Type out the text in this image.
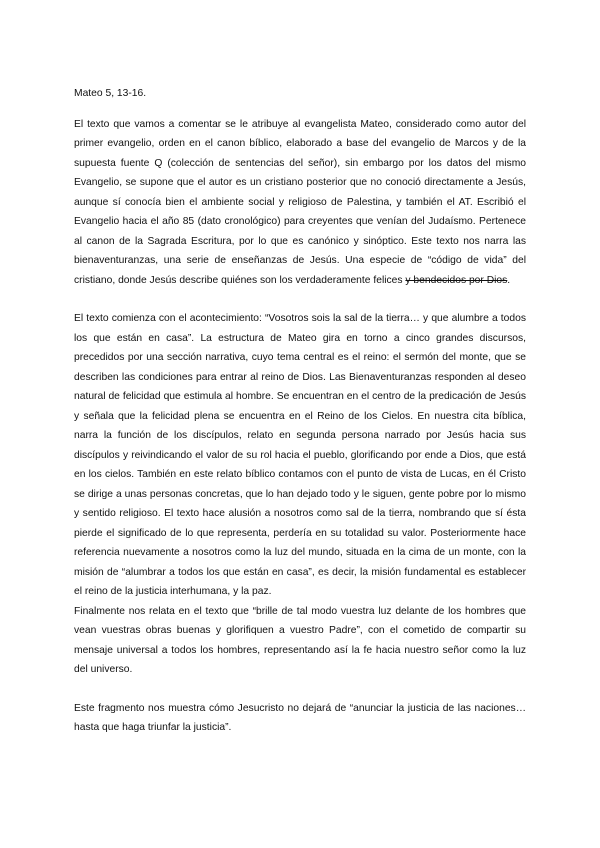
Mateo 5, 13-16.

El texto que vamos a comentar se le atribuye al evangelista Mateo, considerado como autor del primer evangelio, orden en el canon bíblico, elaborado a base del evangelio de Marcos y de la supuesta fuente Q (colección de sentencias del señor), sin embargo por los datos del mismo Evangelio, se supone que el autor es un cristiano posterior que no conoció directamente a Jesús, aunque sí conocía bien el ambiente social y religioso de Palestina, y también el AT. Escribió el Evangelio hacia el año 85 (dato cronológico) para creyentes que venían del Judaísmo. Pertenece al canon de la Sagrada Escritura, por lo que es canónico y sinóptico. Este texto nos narra las bienaventuranzas, una serie de enseñanzas de Jesús. Una especie de “código de vida” del cristiano, donde Jesús describe quiénes son los verdaderamente felices y bendecidos por Dios.

El texto comienza con el acontecimiento: “Vosotros sois la sal de la tierra… y que alumbre a todos los que están en casa”. La estructura de Mateo gira en torno a cinco grandes discursos, precedidos por una sección narrativa, cuyo tema central es el reino: el sermón del monte, que se describen las condiciones para entrar al reino de Dios. Las Bienaventuranzas responden al deseo natural de felicidad que estimula al hombre. Se encuentran en el centro de la predicación de Jesús y señala que la felicidad plena se encuentra en el Reino de los Cielos. En nuestra cita bíblica, narra la función de los discípulos, relato en segunda persona narrado por Jesús hacia sus discípulos y reivindicando el valor de su rol hacia el pueblo, glorificando por ende a Dios, que está en los cielos. También en este relato bíblico contamos con el punto de vista de Lucas, en él Cristo se dirige a unas personas concretas, que lo han dejado todo y le siguen, gente pobre por lo mismo y sentido religioso. El texto hace alusión a nosotros como sal de la tierra, nombrando que sí ésta pierde el significado de lo que representa, perdería en su totalidad su valor. Posteriormente hace referencia nuevamente a nosotros como la luz del mundo, situada en la cima de un monte, con la misión de “alumbrar a todos los que están en casa”, es decir, la misión fundamental es establecer el reino de la justicia interhumana, y la paz.

Finalmente nos relata en el texto que “brille de tal modo vuestra luz delante de los hombres que vean vuestras obras buenas y glorifiquen a vuestro Padre”, con el cometido de compartir su mensaje universal a todos los hombres, representando así la fe hacia nuestro señor como la luz del universo.

Este fragmento nos muestra cómo Jesucristo no dejará de “anunciar la justicia de las naciones… hasta que haga triunfar la justicia”.
